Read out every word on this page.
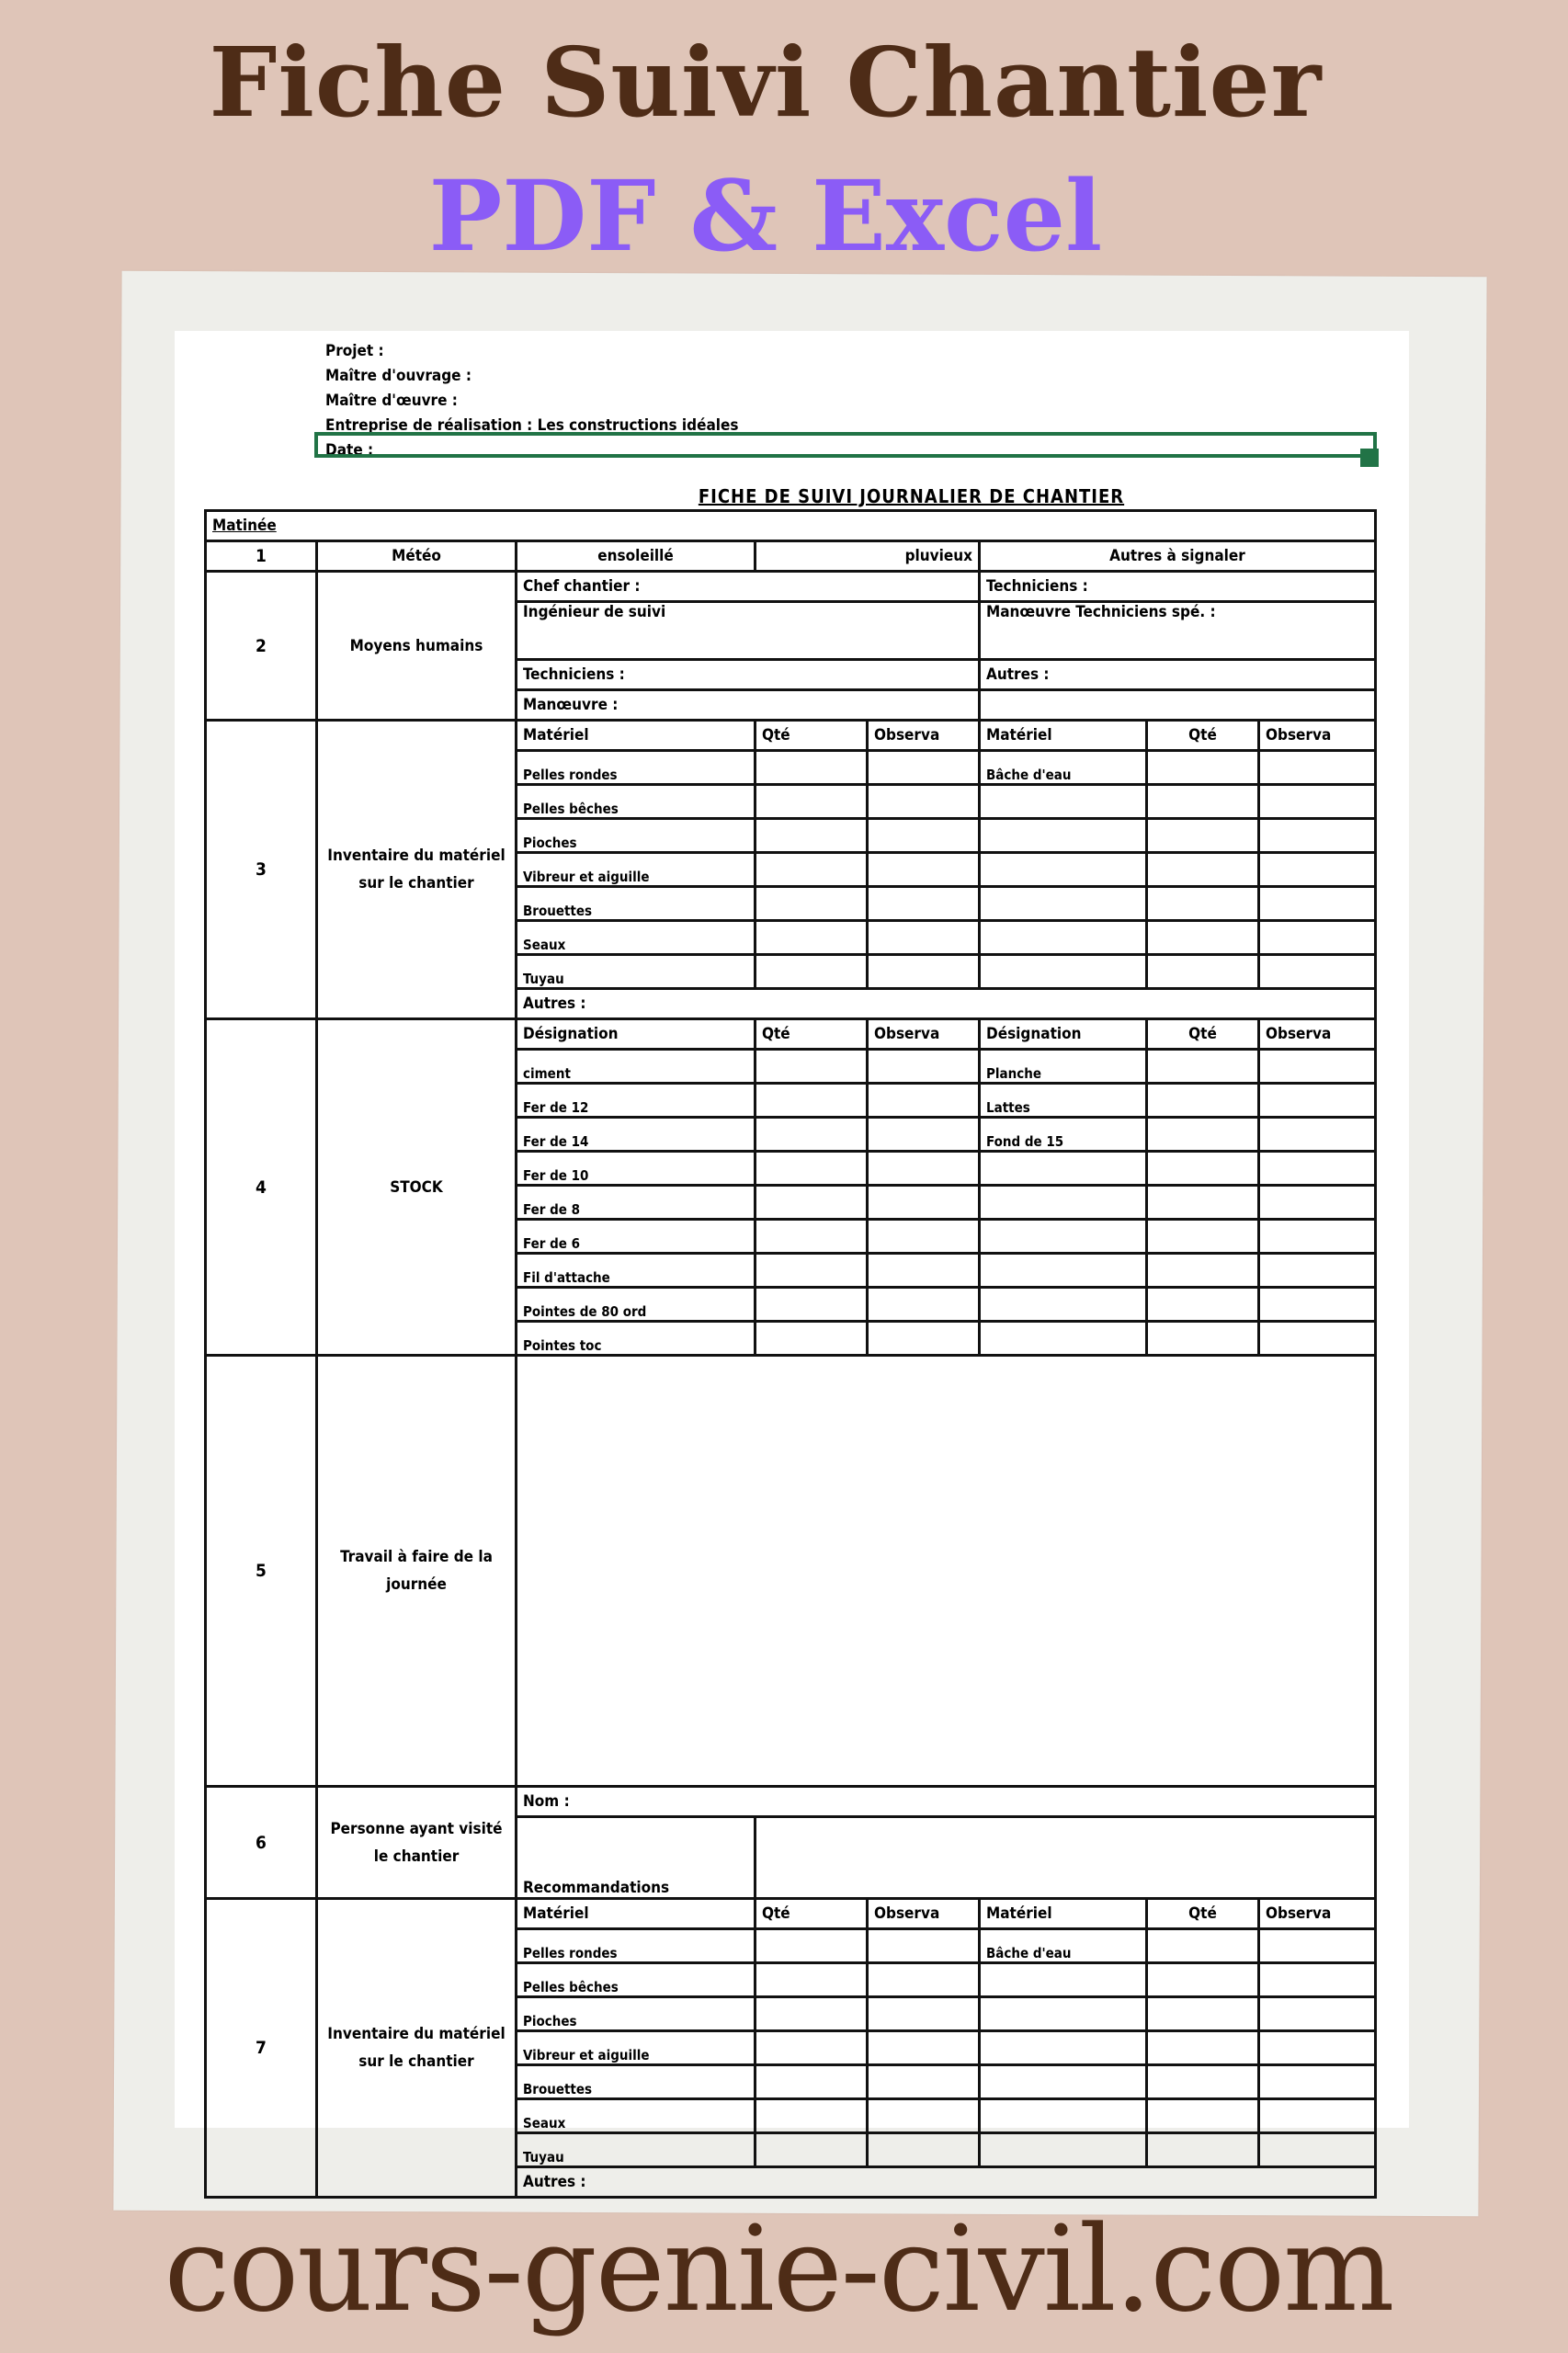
Fiche Suivi Chantier
PDF & Excel
Projet :
Maître d'ouvrage :
Maître d'œuvre :
Entreprise de réalisation : Les constructions idéales
Date :
FICHE DE SUIVI JOURNALIER DE CHANTIER
Matinée							
1	Météo	ensoleillé	pluvieux		Autres à signaler		
2	Moyens humains	Chef chantier :			Techniciens :		
		Ingénieur de suivi			Manœuvre Techniciens spé. :		
		Techniciens :			Autres :		
		Manœuvre :					
3	Inventaire du matériel sur le chantier	Matériel	Qté	Observa	Matériel	Qté	Observa
		Pelles rondes			Bâche d'eau		
		Pelles bêches					
		Pioches					
		Vibreur et aiguille					
		Brouettes					
		Seaux					
		Tuyau					
		Autres :					
4	STOCK	Désignation	Qté	Observa	Désignation	Qté	Observa
		ciment			Planche		
		Fer de 12			Lattes		
		Fer de 14			Fond de 15		
		Fer de 10					
		Fer de 8					
		Fer de 6					
		Fil d'attache					
		Pointes de 80 ord					
		Pointes toc					
5	Travail à faire de la journée						
6	Personne ayant visité le chantier	Nom :					
		Recommandations					
7	Inventaire du matériel sur le chantier	Matériel	Qté	Observa	Matériel	Qté	Observa
		Pelles rondes			Bâche d'eau		
		Pelles bêches					
		Pioches					
		Vibreur et aiguille					
		Brouettes					
		Seaux					
		Tuyau					
		Autres :					
cours-genie-civil.com
